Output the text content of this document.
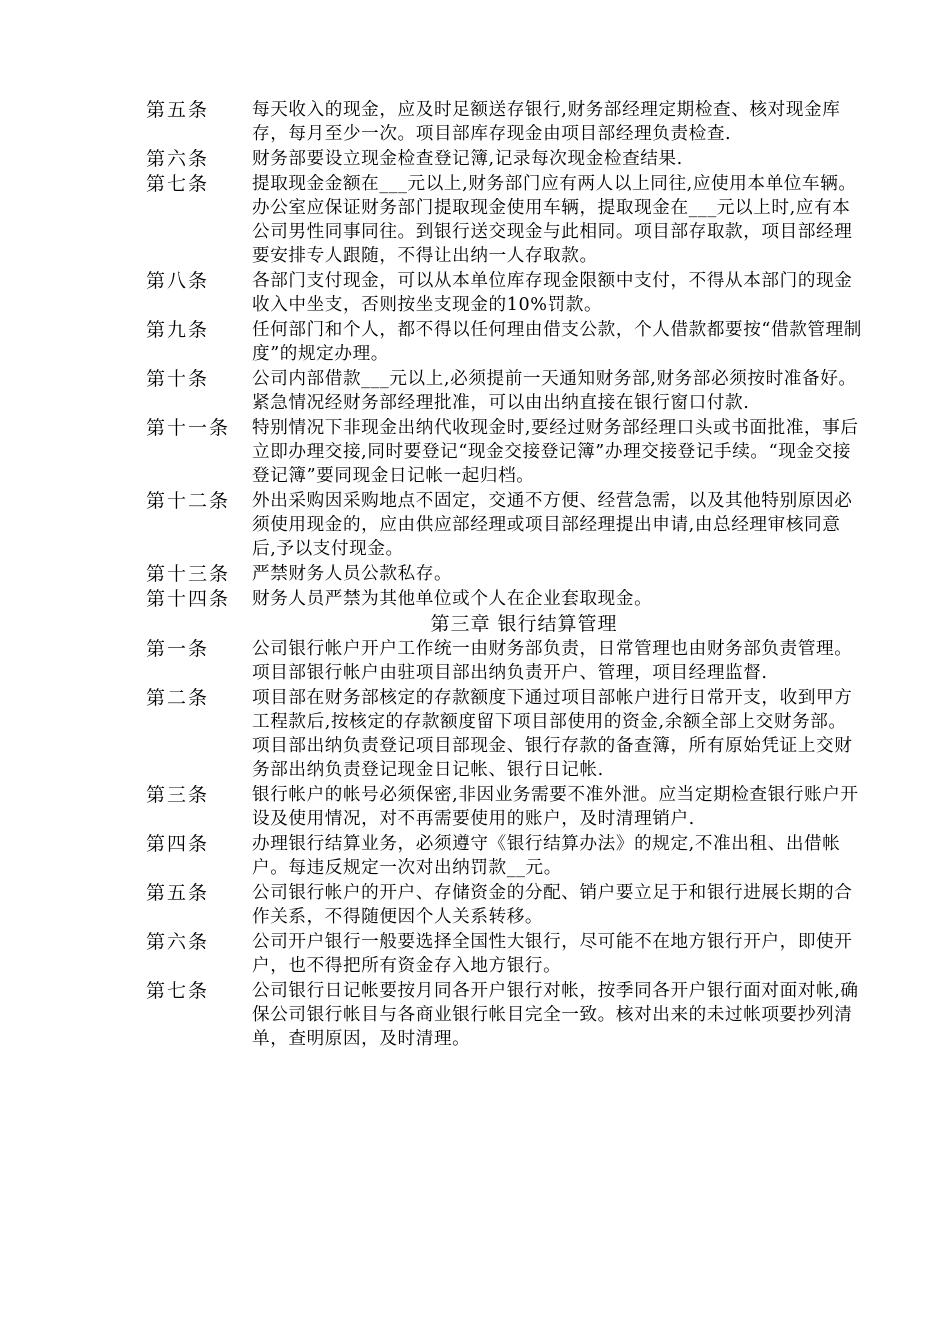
第五条	每天收入的现金，应及时足额送存银行,财务部经理定期检查、核对现金库存，每月至少一次。项目部库存现金由项目部经理负责检查.
第六条	财务部要设立现金检查登记簿,记录每次现金检查结果.
第七条	提取现金金额在___元以上,财务部门应有两人以上同往,应使用本单位车辆。办公室应保证财务部门提取现金使用车辆，提取现金在___元以上时,应有本公司男性同事同往。到银行送交现金与此相同。项目部存取款，项目部经理要安排专人跟随，不得让出纳一人存取款。
第八条	各部门支付现金，可以从本单位库存现金限额中支付，不得从本部门的现金收入中坐支，否则按坐支现金的10%罚款。
第九条	任何部门和个人，都不得以任何理由借支公款，个人借款都要按“借款管理制度”的规定办理。
第十条	公司内部借款___元以上,必须提前一天通知财务部,财务部必须按时准备好。紧急情况经财务部经理批准，可以由出纳直接在银行窗口付款.
第十一条	特别情况下非现金出纳代收现金时,要经过财务部经理口头或书面批准，事后立即办理交接,同时要登记“现金交接登记簿”办理交接登记手续。“现金交接登记簿”要同现金日记帐一起归档。
第十二条	外出采购因采购地点不固定，交通不方便、经营急需，以及其他特别原因必须使用现金的，应由供应部经理或项目部经理提出申请,由总经理审核同意后,予以支付现金。
第十三条	严禁财务人员公款私存。
第十四条	财务人员严禁为其他单位或个人在企业套取现金。
第三章 银行结算管理
第一条	公司银行帐户开户工作统一由财务部负责，日常管理也由财务部负责管理。项目部银行帐户由驻项目部出纳负责开户、管理，项目经理监督.
第二条	项目部在财务部核定的存款额度下通过项目部帐户进行日常开支，收到甲方工程款后,按核定的存款额度留下项目部使用的资金,余额全部上交财务部。项目部出纳负责登记项目部现金、银行存款的备查簿，所有原始凭证上交财务部出纳负责登记现金日记帐、银行日记帐.
第三条	银行帐户的帐号必须保密,非因业务需要不准外泄。应当定期检查银行账户开设及使用情况，对不再需要使用的账户，及时清理销户.
第四条	办理银行结算业务，必须遵守《银行结算办法》的规定,不准出租、出借帐户。每违反规定一次对出纳罚款__元。
第五条	公司银行帐户的开户、存储资金的分配、销户要立足于和银行进展长期的合作关系，不得随便因个人关系转移。
第六条	公司开户银行一般要选择全国性大银行，尽可能不在地方银行开户，即使开户，也不得把所有资金存入地方银行。
第七条	公司银行日记帐要按月同各开户银行对帐，按季同各开户银行面对面对帐,确保公司银行帐目与各商业银行帐目完全一致。核对出来的未过帐项要抄列清单，查明原因，及时清理。
